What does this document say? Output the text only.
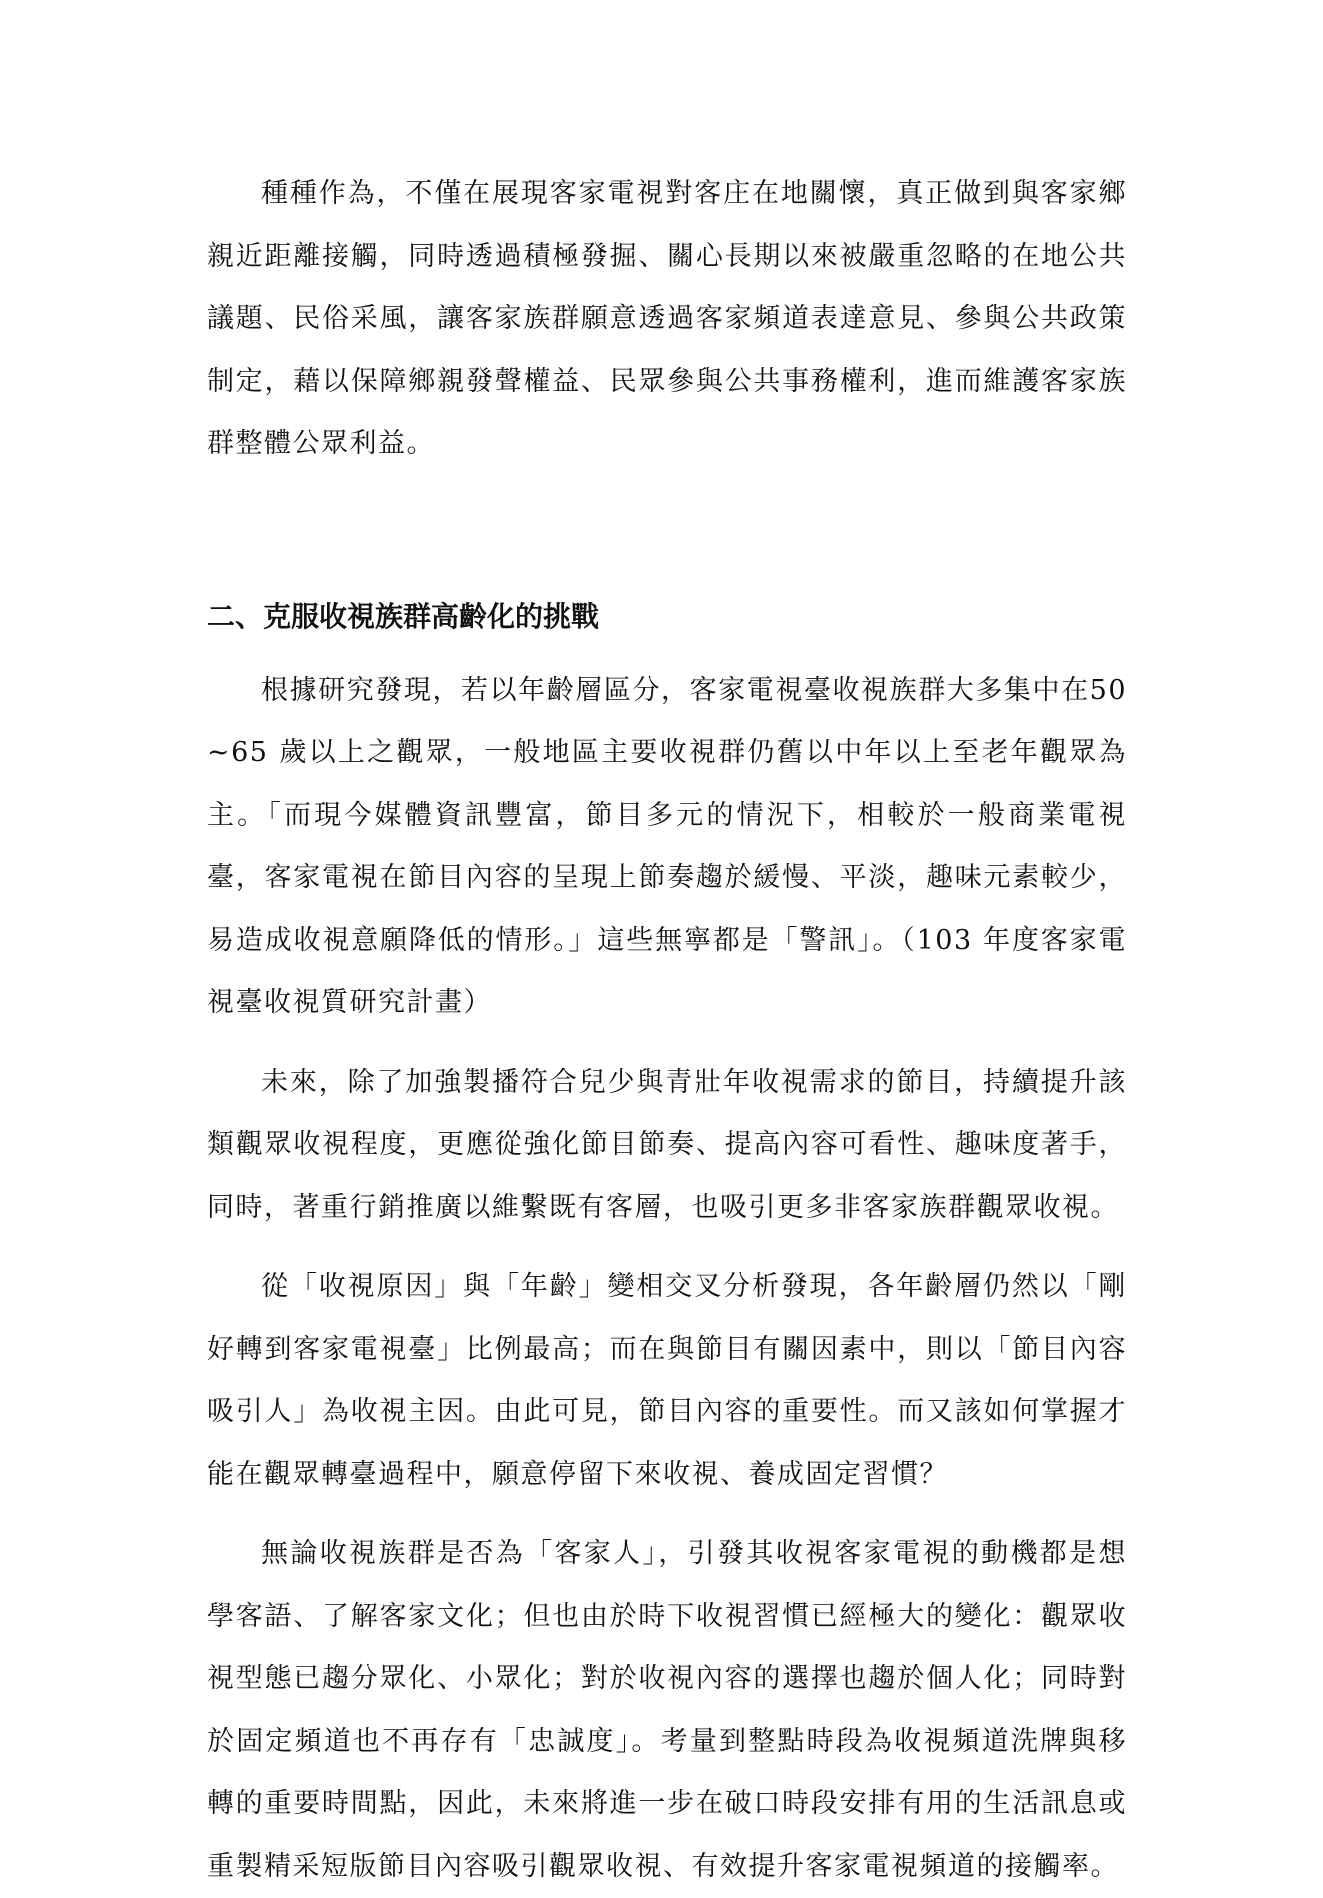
種種作為，不僅在展現客家電視對客庄在地關懷，真正做到與客家鄉親近距離接觸，同時透過積極發掘、關心長期以來被嚴重忽略的在地公共議題、民俗采風，讓客家族群願意透過客家頻道表達意見、參與公共政策制定，藉以保障鄉親發聲權益、民眾參與公共事務權利，進而維護客家族群整體公眾利益。

二、克服收視族群高齡化的挑戰

根據研究發現，若以年齡層區分，客家電視臺收視族群大多集中在50~65 歲以上之觀眾，一般地區主要收視群仍舊以中年以上至老年觀眾為主。「而現今媒體資訊豐富，節目多元的情況下，相較於一般商業電視臺，客家電視在節目內容的呈現上節奏趨於緩慢、平淡，趣味元素較少，易造成收視意願降低的情形。」這些無寧都是「警訊」。（103 年度客家電視臺收視質研究計畫）

未來，除了加強製播符合兒少與青壯年收視需求的節目，持續提升該類觀眾收視程度，更應從強化節目節奏、提高內容可看性、趣味度著手，同時，著重行銷推廣以維繫既有客層，也吸引更多非客家族群觀眾收視。

從「收視原因」與「年齡」變相交叉分析發現，各年齡層仍然以「剛好轉到客家電視臺」比例最高；而在與節目有關因素中，則以「節目內容吸引人」為收視主因。由此可見，節目內容的重要性。而又該如何掌握才能在觀眾轉臺過程中，願意停留下來收視、養成固定習慣？

無論收視族群是否為「客家人」，引發其收視客家電視的動機都是想學客語、了解客家文化；但也由於時下收視習慣已經極大的變化：觀眾收視型態已趨分眾化、小眾化；對於收視內容的選擇也趨於個人化；同時對於固定頻道也不再存有「忠誠度」。考量到整點時段為收視頻道洗牌與移轉的重要時間點，因此，未來將進一步在破口時段安排有用的生活訊息或重製精采短版節目內容吸引觀眾收視、有效提升客家電視頻道的接觸率。
